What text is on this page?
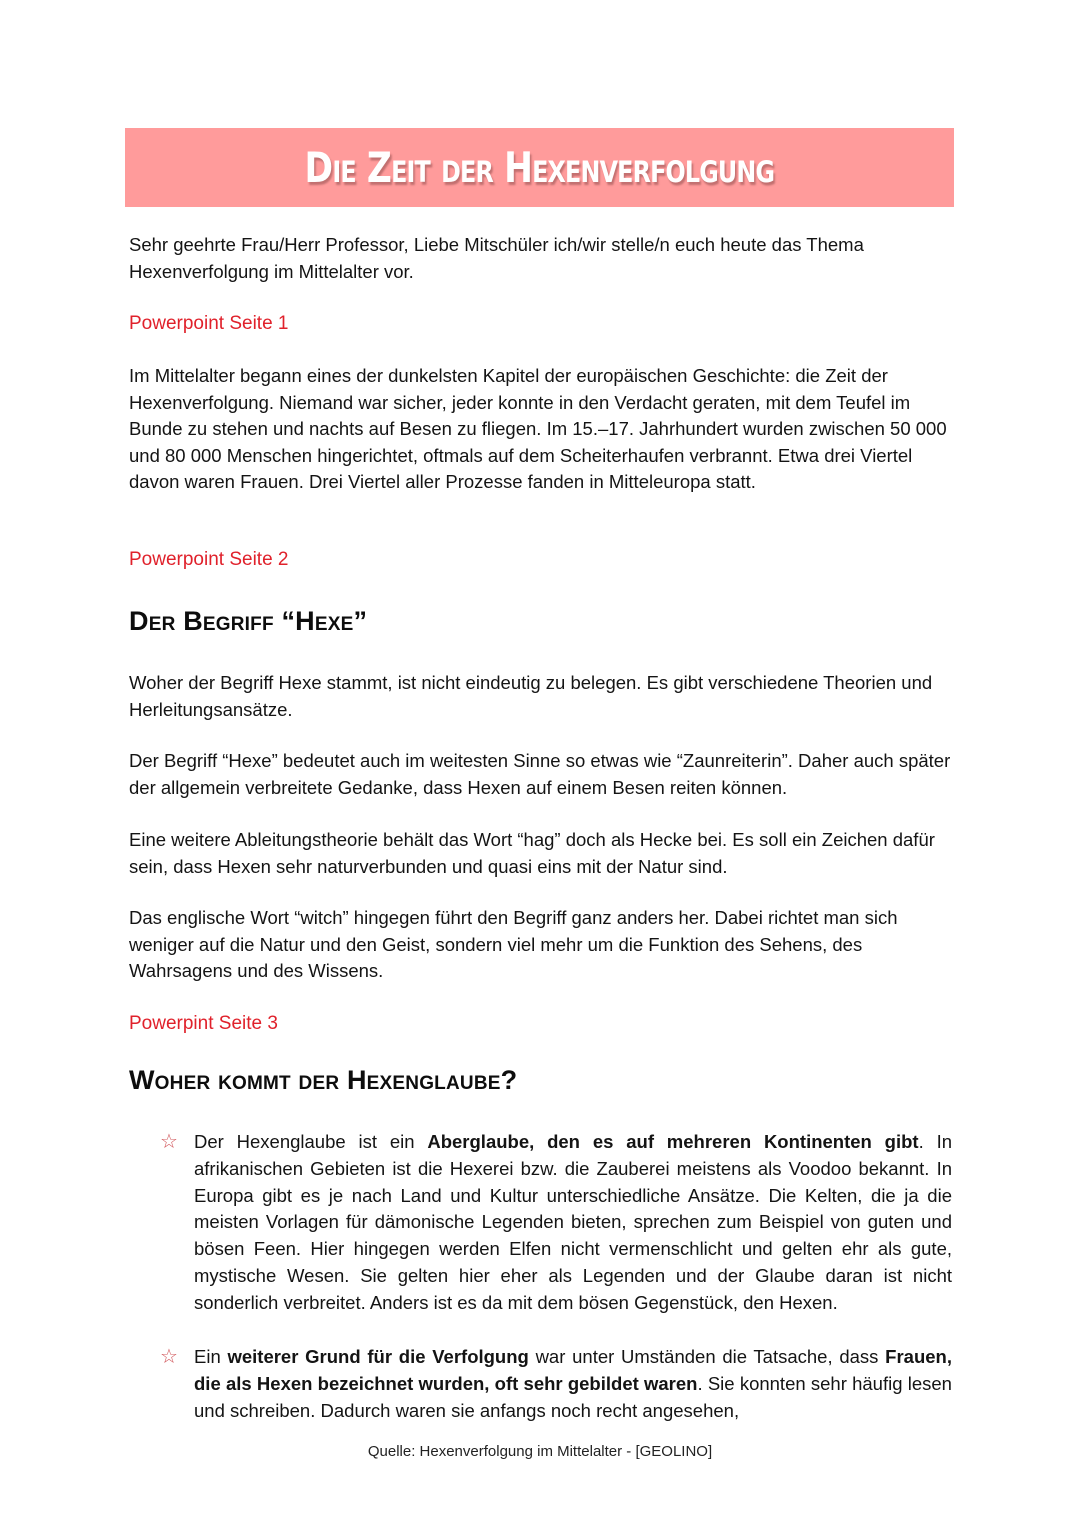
Die Zeit der Hexenverfolgung

Sehr geehrte Frau/Herr Professor, Liebe Mitschüler ich/wir stelle/n euch heute das Thema Hexenverfolgung im Mittelalter vor.

Powerpoint Seite 1

Im Mittelalter begann eines der dunkelsten Kapitel der europäischen Geschichte: die Zeit der Hexenverfolgung. Niemand war sicher, jeder konnte in den Verdacht geraten, mit dem Teufel im Bunde zu stehen und nachts auf Besen zu fliegen. Im 15.–17. Jahrhundert wurden zwischen 50 000 und 80 000 Menschen hingerichtet, oftmals auf dem Scheiterhaufen verbrannt. Etwa drei Viertel davon waren Frauen. Drei Viertel aller Prozesse fanden in Mitteleuropa statt.

Powerpoint Seite 2

Der Begriff “Hexe”

Woher der Begriff Hexe stammt, ist nicht eindeutig zu belegen. Es gibt verschiedene Theorien und Herleitungsansätze.

Der Begriff “Hexe” bedeutet auch im weitesten Sinne so etwas wie “Zaunreiterin”. Daher auch später der allgemein verbreitete Gedanke, dass Hexen auf einem Besen reiten können.

Eine weitere Ableitungstheorie behält das Wort “hag” doch als Hecke bei. Es soll ein Zeichen dafür sein, dass Hexen sehr naturverbunden und quasi eins mit der Natur sind.

Das englische Wort “witch” hingegen führt den Begriff ganz anders her. Dabei richtet man sich weniger auf die Natur und den Geist, sondern viel mehr um die Funktion des Sehens, des Wahrsagens und des Wissens.

Powerpint Seite 3

Woher kommt der Hexenglaube?
☆ Der Hexenglaube ist ein Aberglaube, den es auf mehreren Kontinenten gibt. In afrikanischen Gebieten ist die Hexerei bzw. die Zauberei meistens als Voodoo bekannt. In Europa gibt es je nach Land und Kultur unterschiedliche Ansätze. Die Kelten, die ja die meisten Vorlagen für dämonische Legenden bieten, sprechen zum Beispiel von guten und bösen Feen. Hier hingegen werden Elfen nicht vermenschlicht und gelten ehr als gute, mystische Wesen. Sie gelten hier eher als Legenden und der Glaube daran ist nicht sonderlich verbreitet. Anders ist es da mit dem bösen Gegenstück, den Hexen.
☆ Ein weiterer Grund für die Verfolgung war unter Umständen die Tatsache, dass Frauen, die als Hexen bezeichnet wurden, oft sehr gebildet waren. Sie konnten sehr häufig lesen und schreiben. Dadurch waren sie anfangs noch recht angesehen,
Quelle: Hexenverfolgung im Mittelalter - [GEOLINO]
